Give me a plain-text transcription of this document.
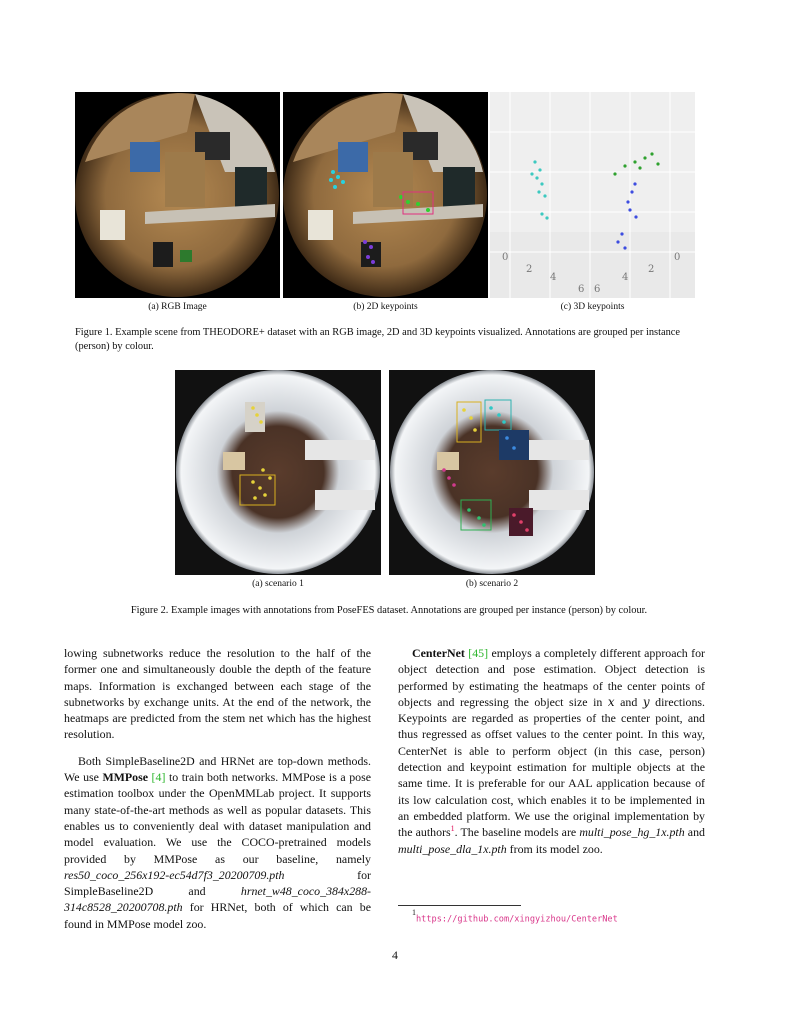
(a) RGB Image	(b) 2D keypoints
0
2
4
6 6
4
2
0
(c) 3D keypoints
Figure 1. Example scene from THEODORE+ dataset with an RGB image, 2D and 3D keypoints visualized. Annotations are grouped per instance (person) by colour.
(a) scenario 1	(b) scenario 2
Figure 2. Example images with annotations from PoseFES dataset. Annotations are grouped per instance (person) by colour.

lowing subnetworks reduce the resolution to the half of the former one and simultaneously double the depth of the feature maps. Information is exchanged between each stage of the subnetworks by exchange units. At the end of the network, the heatmaps are predicted from the stem net which has the highest resolution.

Both SimpleBaseline2D and HRNet are top-down methods. We use MMPose [4] to train both networks. MMPose is a pose estimation toolbox under the OpenMMLab project. It supports many state-of-the-art methods as well as popular datasets. This enables us to conveniently deal with dataset manipulation and model evaluation. We use the COCO-pretrained models provided by MMPose as our baseline, namely res50_coco_256x192-ec54d7f3_20200709.pth for SimpleBaseline2D and hrnet_w48_coco_384x288-314c8528_20200708.pth for HRNet, both of which can be found in MMPose model zoo.

CenterNet [45] employs a completely different approach for object detection and pose estimation. Object detection is performed by estimating the heatmaps of the center points of objects and regressing the object size in x and y directions. Keypoints are regarded as properties of the center point, and thus regressed as offset values to the center point. In this way, CenterNet is able to perform object (in this case, person) detection and keypoint estimation for multiple objects at the same time. It is preferable for our AAL application because of its low calculation cost, which enables it to be implemented in an embedded platform. We use the original implementation by the authors$^1$. The baseline models are multi_pose_hg_1x.pth and multi_pose_dla_1x.pth from its model zoo.

$^1$https://github.com/xingyizhou/CenterNet
4
